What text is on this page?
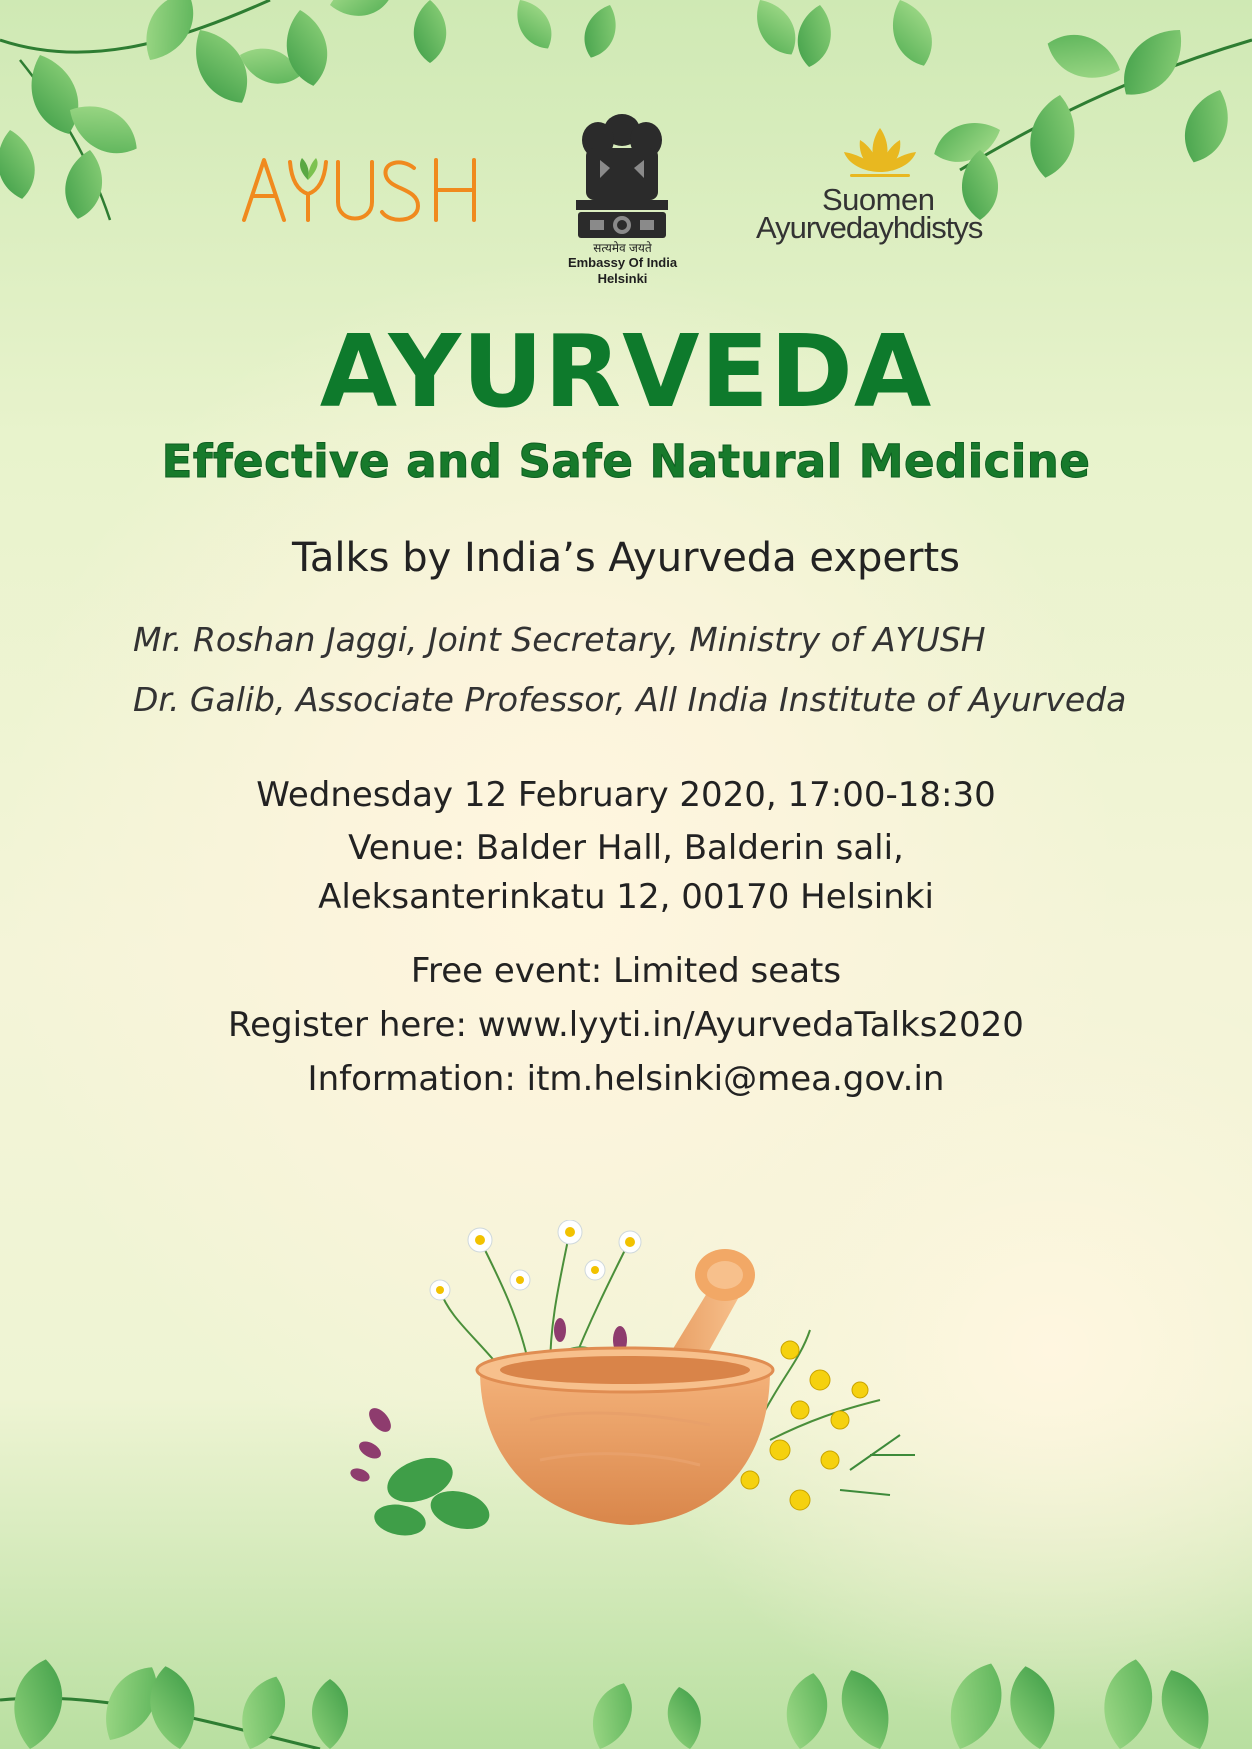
सत्यमेव जयते
Embassy Of India
Helsinki
Suomen
Ayurvedayhdistys
AYURVEDA
Effective and Safe Natural Medicine
Talks by India’s Ayurveda experts
Mr. Roshan Jaggi, Joint Secretary, Ministry of AYUSH
Dr. Galib, Associate Professor, All India Institute of Ayurveda
Wednesday 12 February 2020, 17:00-18:30
Venue: Balder Hall, Balderin sali,
Aleksanterinkatu 12, 00170 Helsinki
Free event: Limited seats
Register here: www.lyyti.in/AyurvedaTalks2020
Information: itm.helsinki@mea.gov.in
